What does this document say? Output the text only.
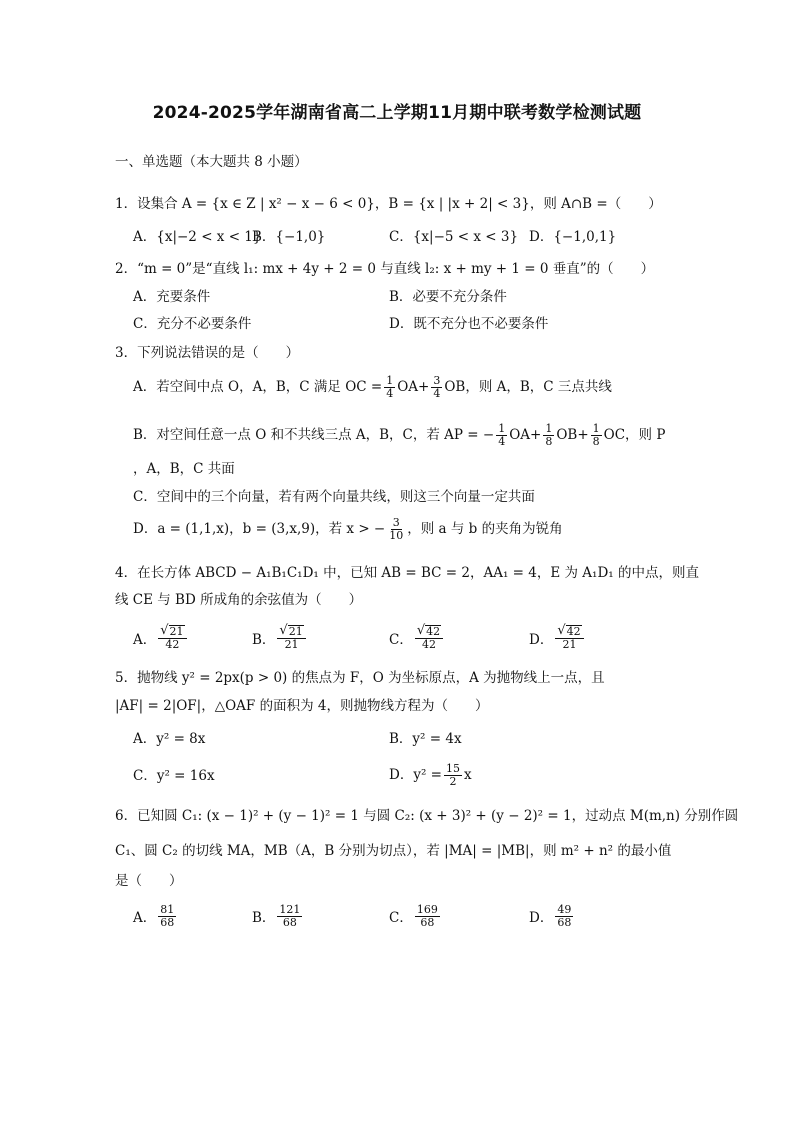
2024-2025学年湖南省高二上学期11月期中联考数学检测试题
一、单选题（本大题共 8 小题）
1．设集合 A = {x ∈ Z | x² − x − 6 < 0}，B = {x | |x + 2| < 3}，则 A∩B =（　　）
A．{x|−2 < x < 1}
B．{−1,0}	C．{x|−5 < x < 3} D．{−1,0,1}
2．“m = 0”是“直线 l₁: mx + 4y + 2 = 0 与直线 l₂: x + my + 1 = 0 垂直”的（　　）
A．充要条件	B．必要不充分条件
C．充分不必要条件	D．既不充分也不必要条件
3．下列说法错误的是（　　）
A．若空间中点 O，A，B，C 满足 OC = $\frac{1}{4}$ OA + $\frac{3}{4}$ OB，则 A，B，C 三点共线
B．对空间任意一点 O 和不共线三点 A，B，C，若 AP = − $\frac{1}{4}$ OA + $\frac{1}{8}$ OB + $\frac{1}{8}$ OC，则 P
，A，B，C 共面
C．空间中的三个向量，若有两个向量共线，则这三个向量一定共面
D．a = (1,1,x)，b = (3,x,9)，若 x > − $\frac{3}{10}$ ，则 a 与 b 的夹角为锐角
4．在长方体 ABCD − A₁B₁C₁D₁ 中，已知 AB = BC = 2，AA₁ = 4，E 为 A₁D₁ 的中点，则直
线 CE 与 BD 所成角的余弦值为（　　）
A． $\frac{√ 21}{42}$	B． $\frac{√ 21}{21}$	C． $\frac{√ 42}{42}$	D． $\frac{√ 42}{21}$
5．抛物线 y² = 2px(p > 0) 的焦点为 F，O 为坐标原点，A 为抛物线上一点，且
|AF| = 2|OF|，△OAF 的面积为 4，则抛物线方程为（　　）
A．y² = 8x	B．y² = 4x
C．y² = 16x	D．$y^2 = \frac{15}{2}$ x
6．已知圆 C₁: (x − 1)² + (y − 1)² = 1 与圆 C₂: (x + 3)² + (y − 2)² = 1，过动点 M(m,n) 分别作圆
C₁、圆 C₂ 的切线 MA，MB（A，B 分别为切点），若 |MA| = |MB|，则 m² + n² 的最小值
是（　　）
A． $\frac{81}{68}$	B． $\frac{121}{68}$	C． $\frac{169}{68}$	D． $\frac{49}{68}$
